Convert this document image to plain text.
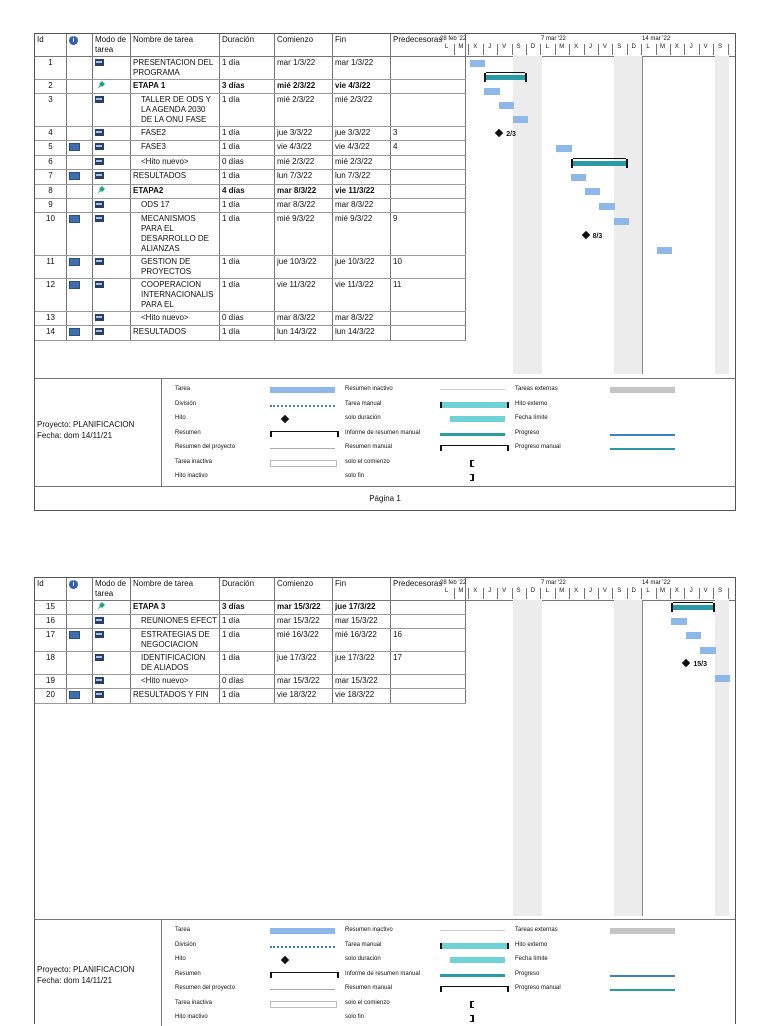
Id	i	Modo de tarea	Nombre de tarea	Duración	Comienzo	Fin	Predecesoras
1			PRESENTACION DEL PROGRAMA	1 día	mar 1/3/22	mar 1/3/22	
2			ETAPA 1	3 días	mié 2/3/22	vie 4/3/22	
3			TALLER DE ODS Y LA AGENDA 2030 DE LA ONU FASE	1 día	mié 2/3/22	mié 2/3/22	
4			FASE2	1 día	jue 3/3/22	jue 3/3/22	3
5			FASE3	1 día	vie 4/3/22	vie 4/3/22	4
6			<Hito nuevo>	0 días	mié 2/3/22	mié 2/3/22	
7			RESULTADOS	1 día	lun 7/3/22	lun 7/3/22	
8			ETAPA2	4 días	mar 8/3/22	vie 11/3/22	
9			ODS 17	1 día	mar 8/3/22	mar 8/3/22	
10			MECANISMOS PARA EL DESARROLLO DE ALIANZAS	1 día	mié 9/3/22	mié 9/3/22	9
11			GESTION DE PROYECTOS	1 día	jue 10/3/22	jue 10/3/22	10
12			COOPERACION INTERNACIONALIS PARA EL	1 día	vie 11/3/22	vie 11/3/22	11
13			<Hito nuevo>	0 días	mar 8/3/22	mar 8/3/22	
14			RESULTADOS	1 día	lun 14/3/22	lun 14/3/22	
28 feb '22	7 mar '22	14 mar '22
L	M	X	J	V	S	D	L	M	X	J	V	S	D	L	M	X	J	V	S
2/3
8/3
Proyecto: PLANIFICACION
Fecha: dom 14/11/21
Tarea
División
Hito
Resumen
Resumen del proyecto
Tarea inactiva
Hito inactivo
Resumen inactivo
Tarea manual
solo duración
Informe de resumen manual
Resumen manual
solo el comienzo
solo fin
Tareas externas
Hito externo
Fecha límite
Progreso
Progreso manual
Página 1
Id	i	Modo de tarea	Nombre de tarea	Duración	Comienzo	Fin	Predecesoras
15			ETAPA 3	3 días	mar 15/3/22	jue 17/3/22	
16			REUNIONES EFECT	1 día	mar 15/3/22	mar 15/3/22	
17			ESTRATEGIAS DE NEGOCIACION	1 día	mié 16/3/22	mié 16/3/22	16
18			IDENTIFICACION DE ALIADOS	1 día	jue 17/3/22	jue 17/3/22	17
19			<Hito nuevo>	0 días	mar 15/3/22	mar 15/3/22	
20			RESULTADOS Y FIN	1 día	vie 18/3/22	vie 18/3/22	
28 feb '22	7 mar '22	14 mar '22
L	M	X	J	V	S	D	L	M	X	J	V	S	D	L	M	X	J	V	S
15/3
Proyecto: PLANIFICACION
Fecha: dom 14/11/21
Tarea
División
Hito
Resumen
Resumen del proyecto
Tarea inactiva
Hito inactivo
Resumen inactivo
Tarea manual
solo duración
Informe de resumen manual
Resumen manual
solo el comienzo
solo fin
Tareas externas
Hito externo
Fecha límite
Progreso
Progreso manual
